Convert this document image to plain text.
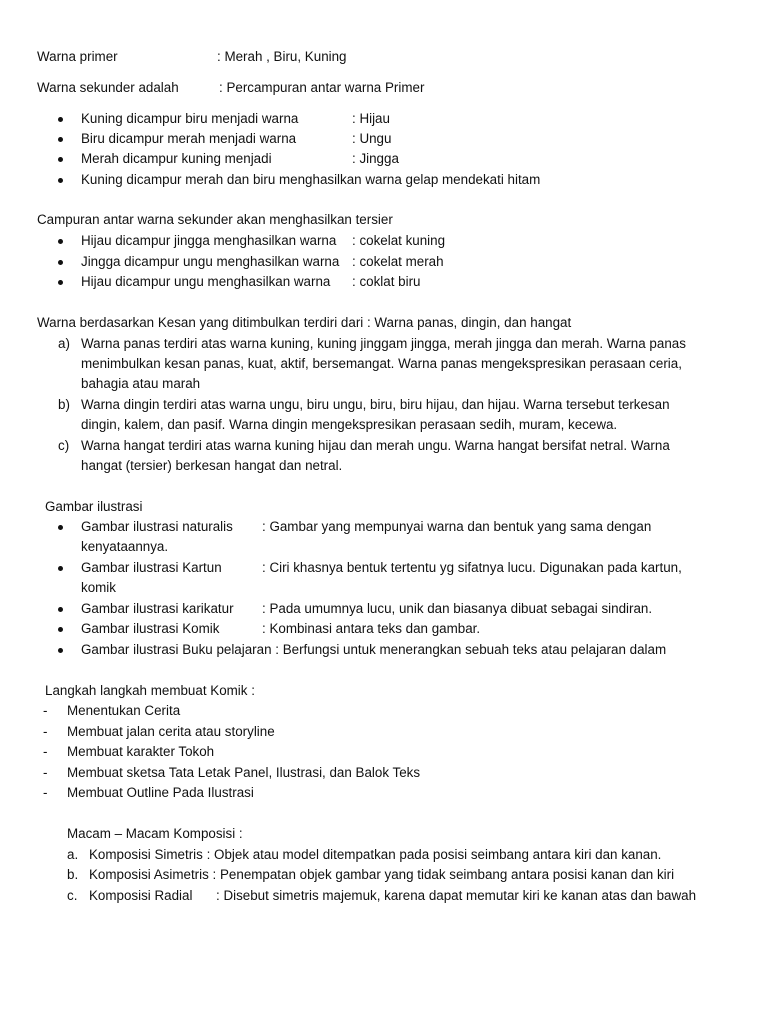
Warna primer	: Merah , Biru, Kuning
Warna sekunder adalah	: Percampuran antar warna Primer
Kuning dicampur biru menjadi warna	: Hijau
Biru dicampur merah menjadi warna	: Ungu
Merah dicampur kuning menjadi	: Jingga
Kuning dicampur merah dan biru menghasilkan warna gelap mendekati hitam
Campuran antar warna sekunder akan menghasilkan tersier
Hijau dicampur jingga menghasilkan warna : cokelat kuning
Jingga dicampur ungu menghasilkan warna : cokelat merah
Hijau dicampur ungu menghasilkan warna : coklat biru
Warna berdasarkan Kesan yang ditimbulkan terdiri dari : Warna panas, dingin, dan hangat
a) Warna panas terdiri atas warna kuning, kuning jinggam jingga, merah jingga dan merah. Warna panas
menimbulkan kesan panas, kuat, aktif, bersemangat. Warna panas mengekspresikan perasaan ceria,
bahagia atau marah
b) Warna dingin terdiri atas warna ungu, biru ungu, biru, biru hijau, dan hijau. Warna tersebut terkesan
dingin, kalem, dan pasif. Warna dingin mengekspresikan perasaan sedih, muram, kecewa.
c) Warna hangat terdiri atas warna kuning hijau dan merah ungu. Warna hangat bersifat netral. Warna
hangat (tersier) berkesan hangat dan netral.
Gambar ilustrasi
Gambar ilustrasi naturalis : Gambar yang mempunyai warna dan bentuk yang sama dengan
kenyataannya.
Gambar ilustrasi Kartun	: Ciri khasnya bentuk tertentu yg sifatnya lucu. Digunakan pada kartun,
komik
Gambar ilustrasi karikatur : Pada umumnya lucu, unik dan biasanya dibuat sebagai sindiran.
Gambar ilustrasi Komik	: Kombinasi antara teks dan gambar.
Gambar ilustrasi Buku pelajaran : Berfungsi untuk menerangkan sebuah teks atau pelajaran dalam
Langkah langkah membuat Komik :
- Menentukan Cerita
- Membuat jalan cerita atau storyline
- Membuat karakter Tokoh
- Membuat sketsa Tata Letak Panel, Ilustrasi, dan Balok Teks
- Membuat Outline Pada Ilustrasi
Macam – Macam Komposisi :
a. Komposisi Simetris : Objek atau model ditempatkan pada posisi seimbang antara kiri dan kanan.
b. Komposisi Asimetris : Penempatan objek gambar yang tidak seimbang antara posisi kanan dan kiri
c. Komposisi Radial : Disebut simetris majemuk, karena dapat memutar kiri ke kanan atas dan bawah
